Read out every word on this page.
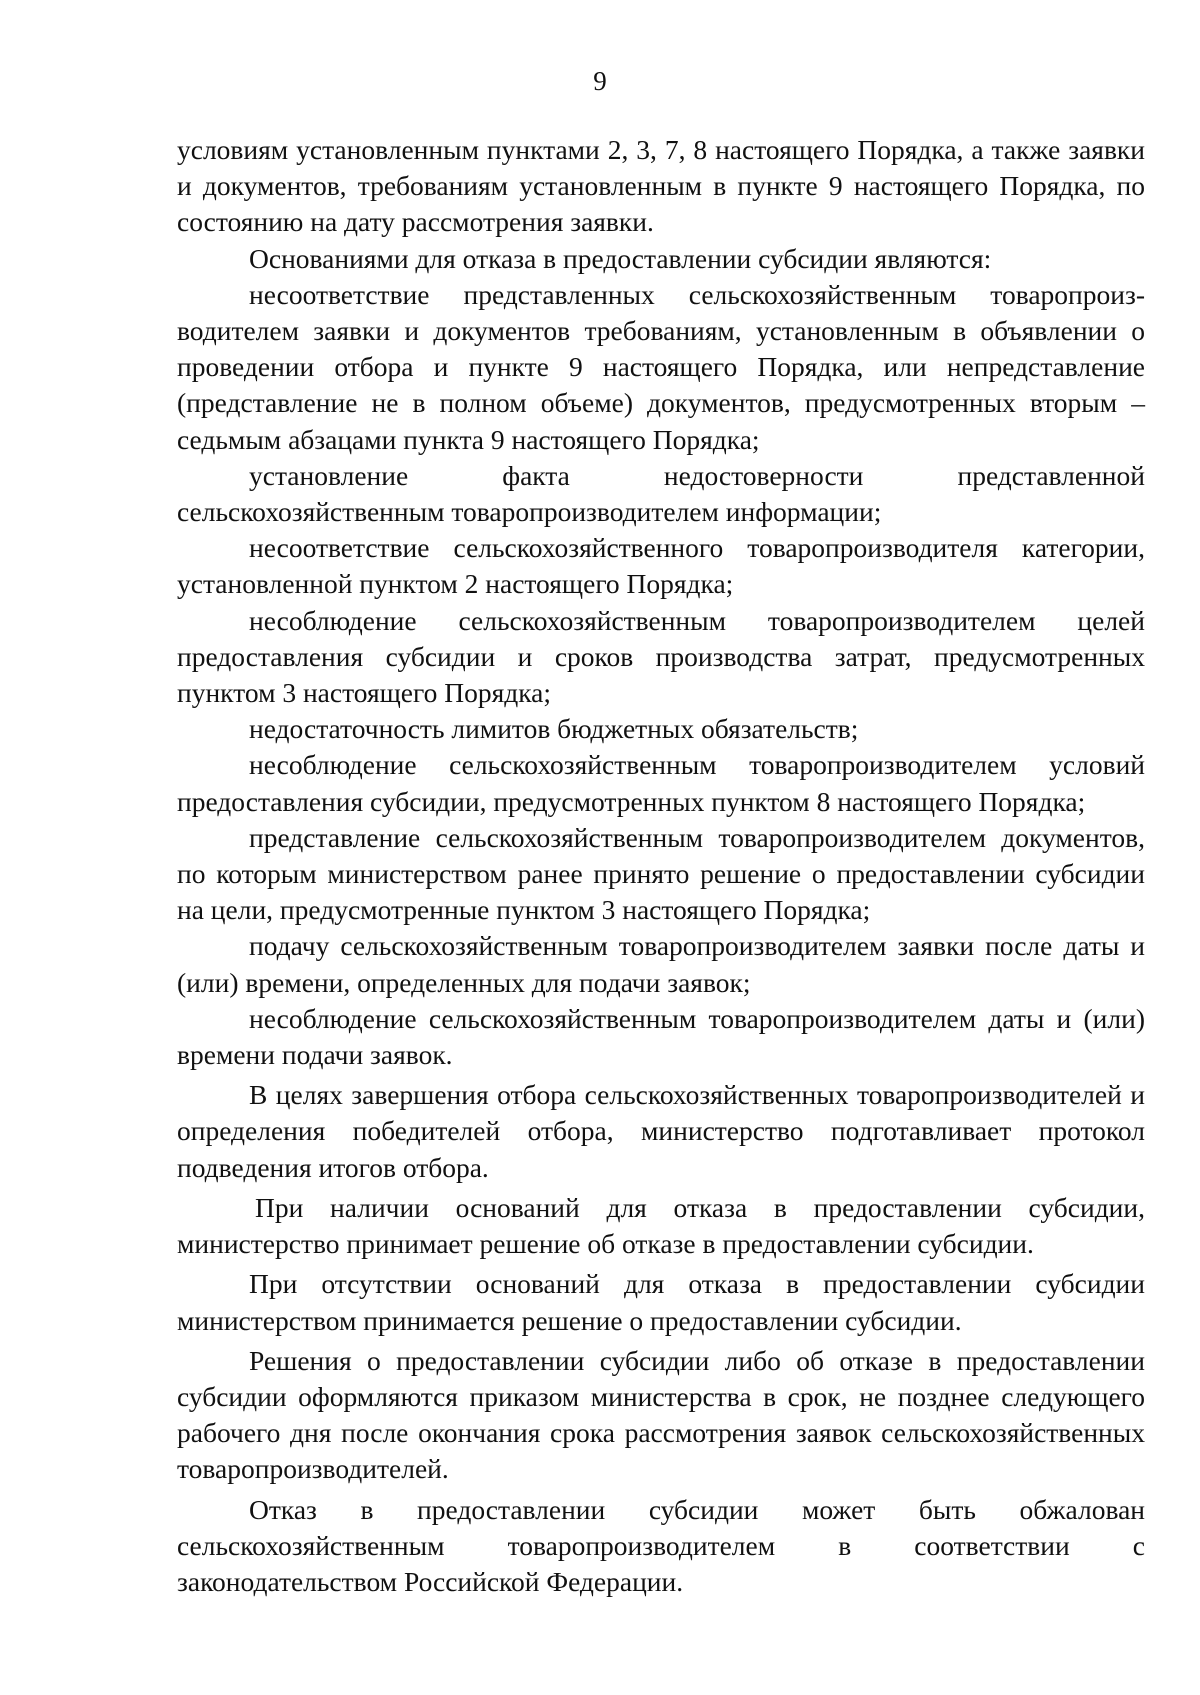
9

условиям установленным пунктами 2, 3, 7, 8 настоящего Порядка, а также заявки и документов, требованиям установленным в пункте 9 настоящего Порядка, по состоянию на дату рассмотрения заявки.

Основаниями для отказа в предоставлении субсидии являются:

несоответствие представленных сельскохозяйственным товаропроизводителем заявки и документов требованиям, установленным в объявлении о проведении отбора и пункте 9 настоящего Порядка, или непредставление (представление не в полном объеме) документов, предусмотренных вторым – седьмым абзацами пункта 9 настоящего Порядка;

установление факта недостоверности представленной сельскохозяйственным товаропроизводителем информации;

несоответствие сельскохозяйственного товаропроизводителя категории, установленной пунктом 2 настоящего Порядка;

несоблюдение сельскохозяйственным товаропроизводителем целей предоставления субсидии и сроков производства затрат, предусмотренных пунктом 3 настоящего Порядка;

недостаточность лимитов бюджетных обязательств;

несоблюдение сельскохозяйственным товаропроизводителем условий предоставления субсидии, предусмотренных пунктом 8 настоящего Порядка;

представление сельскохозяйственным товаропроизводителем документов, по которым министерством ранее принято решение о предоставлении субсидии на цели, предусмотренные пунктом 3 настоящего Порядка;

подачу сельскохозяйственным товаропроизводителем заявки после даты и (или) времени, определенных для подачи заявок;

несоблюдение сельскохозяйственным товаропроизводителем даты и (или) времени подачи заявок.

В целях завершения отбора сельскохозяйственных товаропроизводителей и определения победителей отбора, министерство подготавливает протокол подведения итогов отбора.

При наличии оснований для отказа в предоставлении субсидии, министерство принимает решение об отказе в предоставлении субсидии.

При отсутствии оснований для отказа в предоставлении субсидии министерством принимается решение о предоставлении субсидии.

Решения о предоставлении субсидии либо об отказе в предоставлении субсидии оформляются приказом министерства в срок, не позднее следующего рабочего дня после окончания срока рассмотрения заявок сельскохозяйственных товаропроизводителей.

Отказ в предоставлении субсидии может быть обжалован сельскохозяйственным товаропроизводителем в соответствии с законодательством Российской Федерации.
